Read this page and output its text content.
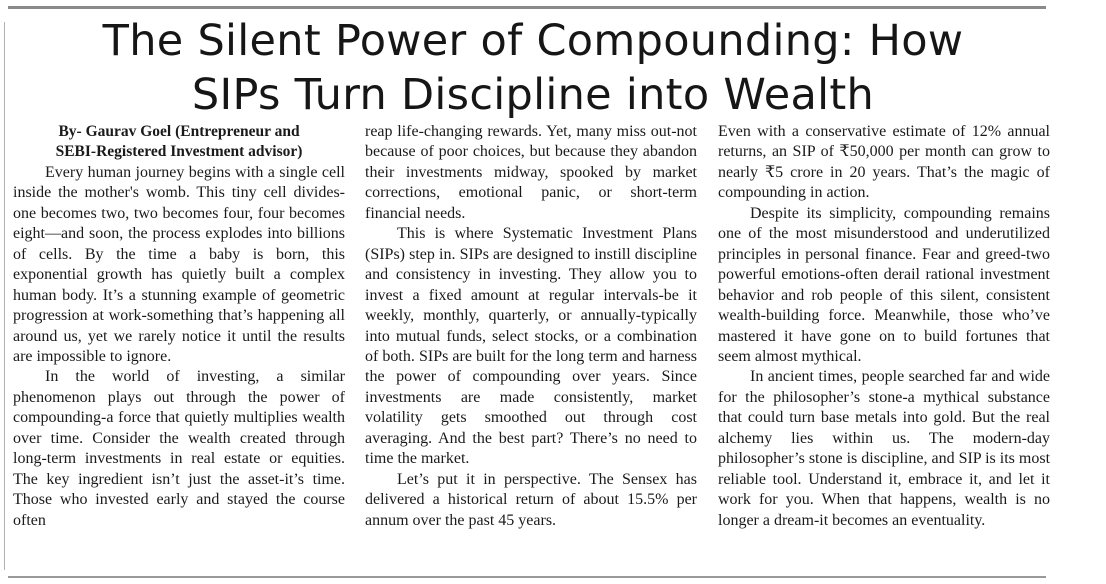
The Silent Power of Compounding: How
SIPs Turn Discipline into Wealth
By- Gaurav Goel (Entrepreneur and
SEBI-Registered Investment advisor)

Every human journey begins with a single cell inside the mother's womb. This tiny cell divides-one becomes two, two becomes four, four becomes eight—and soon, the process explodes into billions of cells. By the time a baby is born, this exponential growth has quietly built a complex human body. It’s a stunning example of geometric progression at work-something that’s happening all around us, yet we rarely notice it until the results are impossible to ignore.

In the world of investing, a similar phenomenon plays out through the power of compounding-a force that quietly multiplies wealth over time. Consider the wealth created through long-term investments in real estate or equities. The key ingredient isn’t just the asset-it’s time. Those who invested early and stayed the course often

reap life-changing rewards. Yet, many miss out-not because of poor choices, but because they abandon their investments midway, spooked by market corrections, emotional panic, or short-term financial needs.

This is where Systematic Investment Plans (SIPs) step in. SIPs are designed to instill discipline and consistency in investing. They allow you to invest a fixed amount at regular intervals-be it weekly, monthly, quarterly, or annually-typically into mutual funds, select stocks, or a combination of both. SIPs are built for the long term and harness the power of compounding over years. Since investments are made consistently, market volatility gets smoothed out through cost averaging. And the best part? There’s no need to time the market.

Let’s put it in perspective. The Sensex has delivered a historical return of about 15.5% per annum over the past 45 years.

Even with a conservative estimate of 12% annual returns, an SIP of ₹50,000 per month can grow to nearly ₹5 crore in 20 years. That’s the magic of compounding in action.

Despite its simplicity, compounding remains one of the most misunderstood and underutilized principles in personal finance. Fear and greed-two powerful emotions-often derail rational investment behavior and rob people of this silent, consistent wealth-building force. Meanwhile, those who’ve mastered it have gone on to build fortunes that seem almost mythical.

In ancient times, people searched far and wide for the philosopher’s stone-a mythical substance that could turn base metals into gold. But the real alchemy lies within us. The modern-day philosopher’s stone is discipline, and SIP is its most reliable tool. Understand it, embrace it, and let it work for you. When that happens, wealth is no longer a dream-it becomes an eventuality.
